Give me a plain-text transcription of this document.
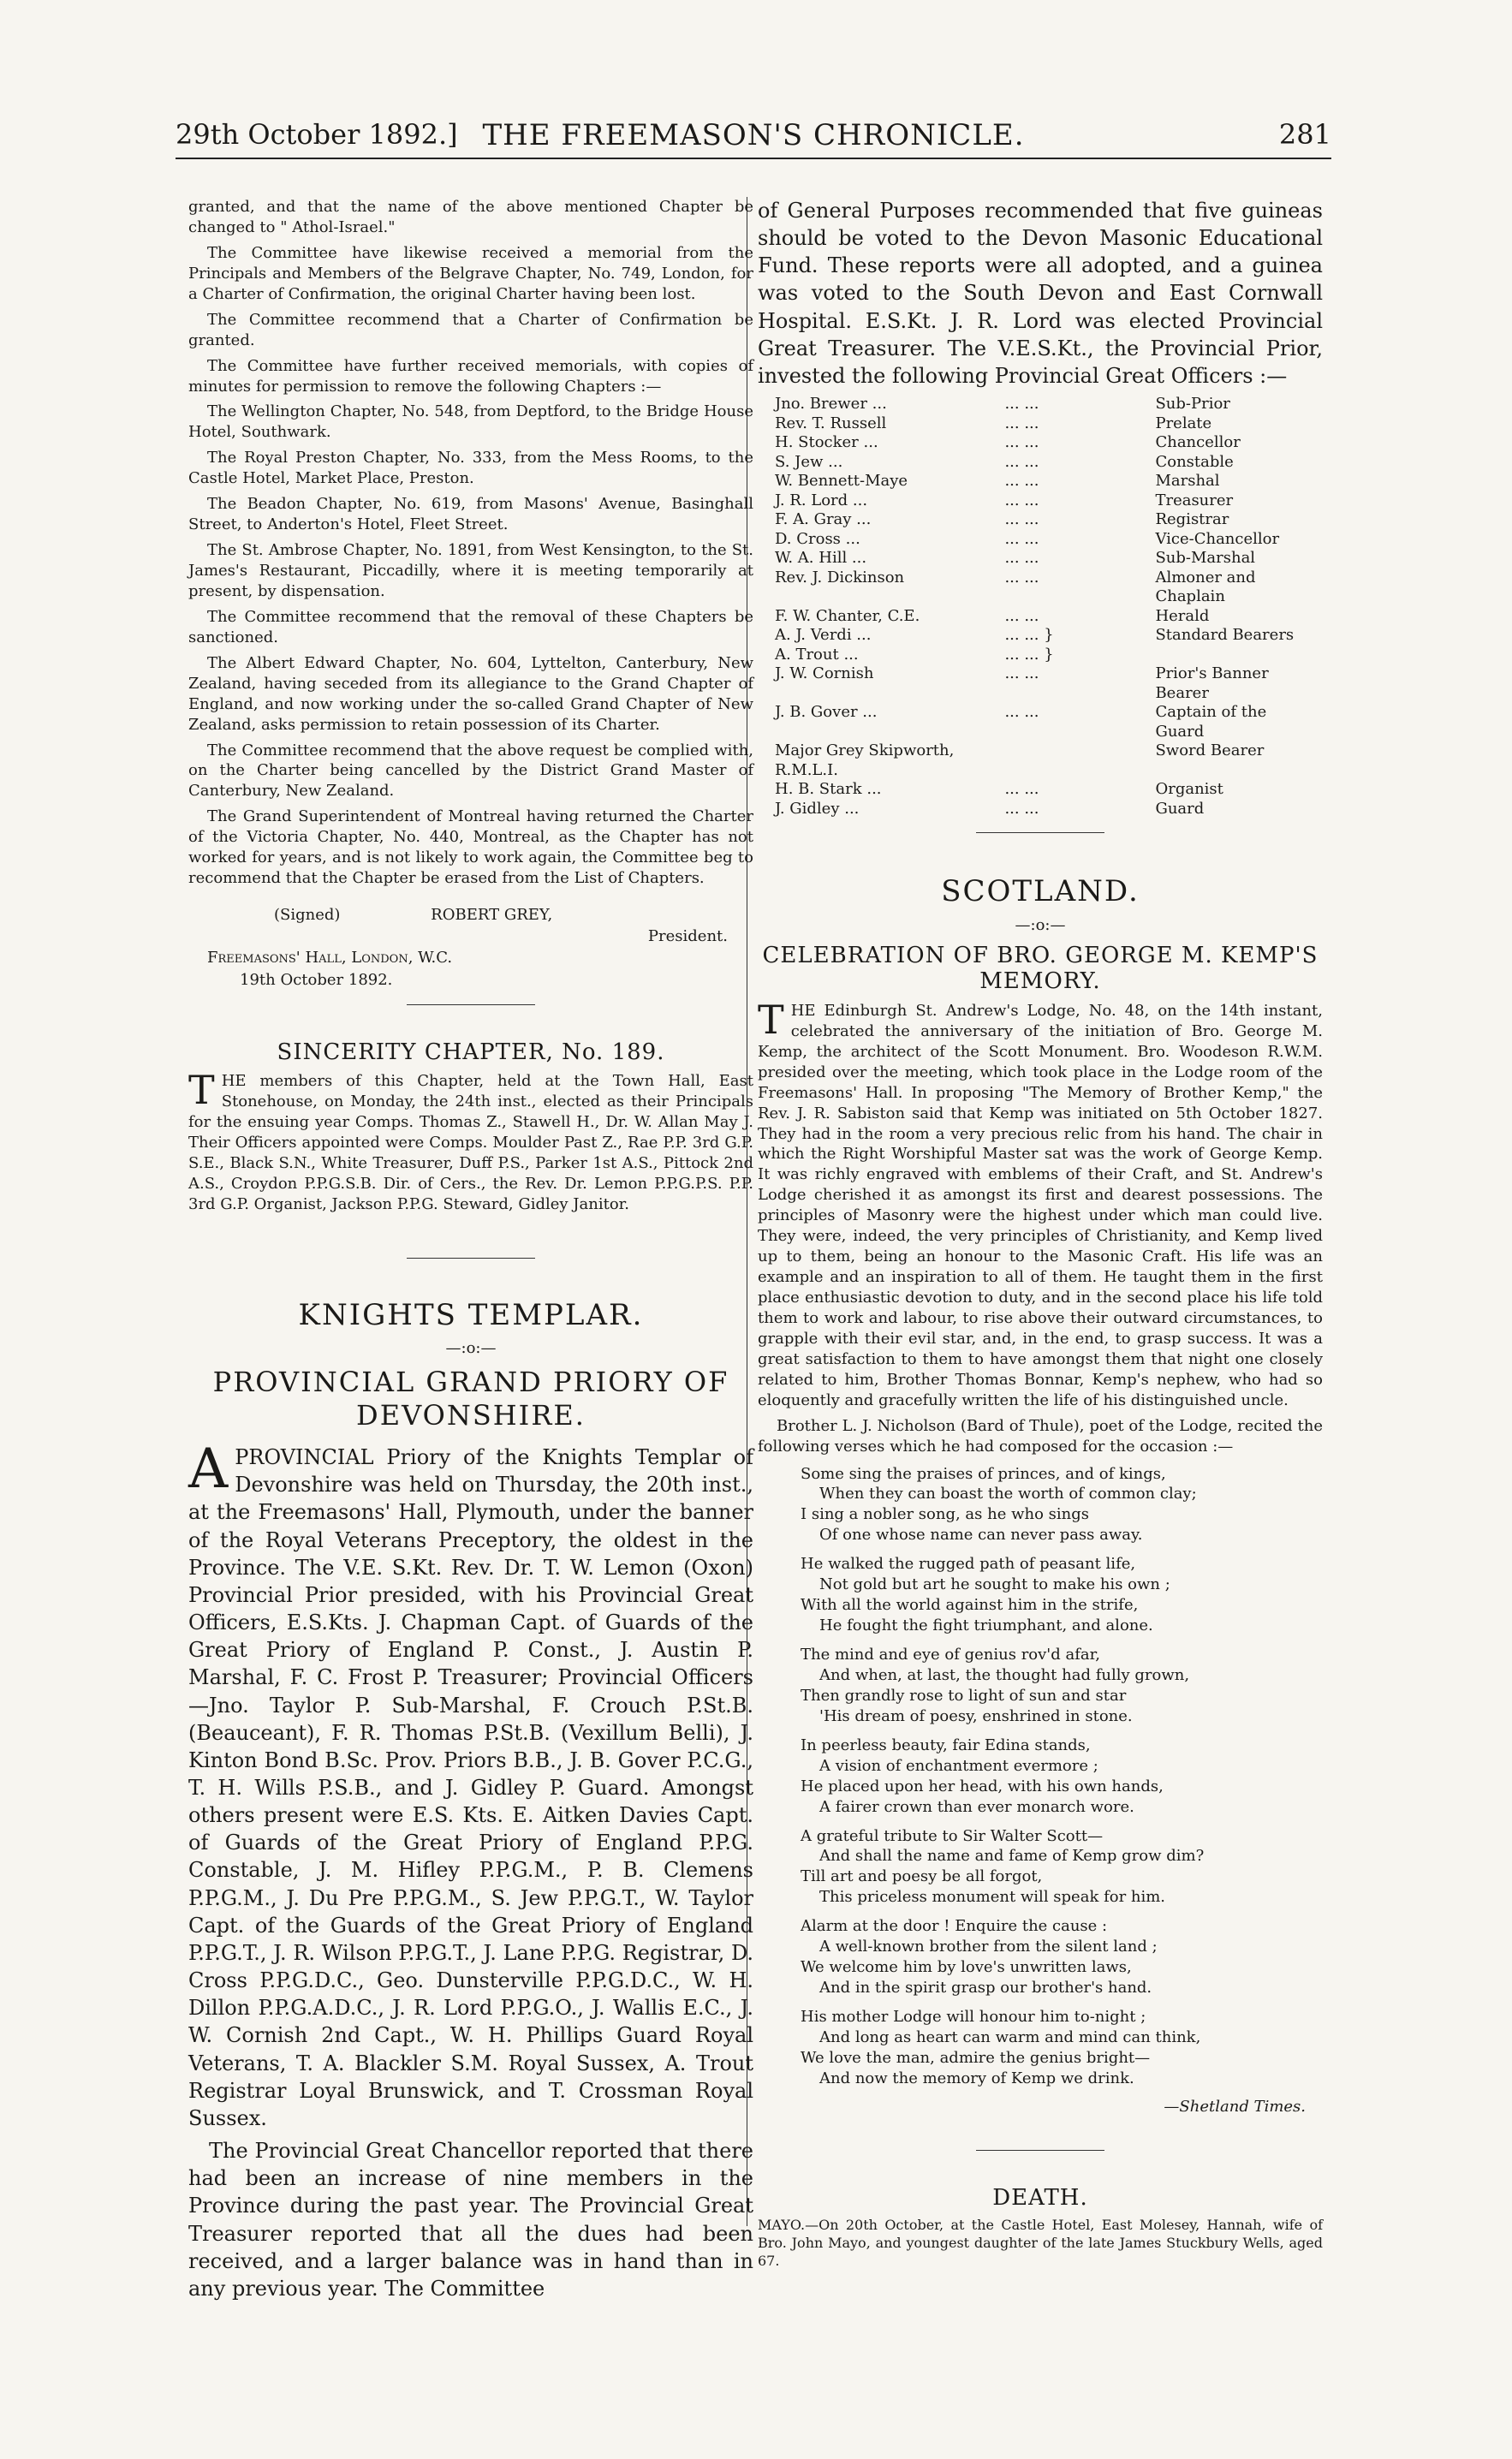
29th October 1892.] THE FREEMASON'S CHRONICLE.	281

granted, and that the name of the above mentioned Chapter be changed to " Athol-Israel."

The Committee have likewise received a memorial from the Principals and Members of the Belgrave Chapter, No. 749, London, for a Charter of Confirmation, the original Charter having been lost.

The Committee recommend that a Charter of Confirmation be granted.

The Committee have further received memorials, with copies of minutes for permission to remove the following Chapters :—

The Wellington Chapter, No. 548, from Deptford, to the Bridge House Hotel, Southwark.

The Royal Preston Chapter, No. 333, from the Mess Rooms, to the Castle Hotel, Market Place, Preston.

The Beadon Chapter, No. 619, from Masons' Avenue, Basinghall Street, to Anderton's Hotel, Fleet Street.

The St. Ambrose Chapter, No. 1891, from West Kensington, to the St. James's Restaurant, Piccadilly, where it is meeting temporarily at present, by dispensation.

The Committee recommend that the removal of these Chapters be sanctioned.

The Albert Edward Chapter, No. 604, Lyttelton, Canterbury, New Zealand, having seceded from its allegiance to the Grand Chapter of England, and now working under the so-called Grand Chapter of New Zealand, asks permission to retain possession of its Charter.

The Committee recommend that the above request be complied with, on the Charter being cancelled by the District Grand Master of Canterbury, New Zealand.

The Grand Superintendent of Montreal having returned the Charter of the Victoria Chapter, No. 440, Montreal, as the Chapter has not worked for years, and is not likely to work again, the Committee beg to recommend that the Chapter be erased from the List of Chapters.

(Signed)	ROBERT GREY,
President.
Freemasons' Hall, London, W.C.
19th October 1892.

SINCERITY CHAPTER, No. 189.

THE members of this Chapter, held at the Town Hall, East Stonehouse, on Monday, the 24th inst., elected as their Principals for the ensuing year Comps. Thomas Z., Stawell H., Dr. W. Allan May J. Their Officers appointed were Comps. Moulder Past Z., Rae P.P. 3rd G.P. S.E., Black S.N., White Treasurer, Duff P.S., Parker 1st A.S., Pittock 2nd A.S., Croydon P.P.G.S.B. Dir. of Cers., the Rev. Dr. Lemon P.P.G.P.S. P.P. 3rd G.P. Organist, Jackson P.P.G. Steward, Gidley Janitor.

KNIGHTS TEMPLAR.
—:o:—
PROVINCIAL GRAND PRIORY OF DEVONSHIRE.

APROVINCIAL Priory of the Knights Templar of Devonshire was held on Thursday, the 20th inst., at the Freemasons' Hall, Plymouth, under the banner of the Royal Veterans Preceptory, the oldest in the Province. The V.E. S.Kt. Rev. Dr. T. W. Lemon (Oxon) Provincial Prior presided, with his Provincial Great Officers, E.S.Kts. J. Chapman Capt. of Guards of the Great Priory of England P. Const., J. Austin P. Marshal, F. C. Frost P. Treasurer; Provincial Officers—Jno. Taylor P. Sub-Marshal, F. Crouch P.St.B. (Beauceant), F. R. Thomas P.St.B. (Vexillum Belli), J. Kinton Bond B.Sc. Prov. Priors B.B., J. B. Gover P.C.G., T. H. Wills P.S.B., and J. Gidley P. Guard. Amongst others present were E.S. Kts. E. Aitken Davies Capt. of Guards of the Great Priory of England P.P.G. Constable, J. M. Hifley P.P.G.M., P. B. Clemens P.P.G.M., J. Du Pre P.P.G.M., S. Jew P.P.G.T., W. Taylor Capt. of the Guards of the Great Priory of England P.P.G.T., J. R. Wilson P.P.G.T., J. Lane P.P.G. Registrar, D. Cross P.P.G.D.C., Geo. Dunsterville P.P.G.D.C., W. H. Dillon P.P.G.A.D.C., J. R. Lord P.P.G.O., J. Wallis E.C., J. W. Cornish 2nd Capt., W. H. Phillips Guard Royal Veterans, T. A. Blackler S.M. Royal Sussex, A. Trout Registrar Loyal Brunswick, and T. Crossman Royal Sussex.

The Provincial Great Chancellor reported that there had been an increase of nine members in the Province during the past year. The Provincial Great Treasurer reported that all the dues had been received, and a larger balance was in hand than in any previous year. The Committee

of General Purposes recommended that five guineas should be voted to the Devon Masonic Educational Fund. These reports were all adopted, and a guinea was voted to the South Devon and East Cornwall Hospital. E.S.Kt. J. R. Lord was elected Provincial Great Treasurer. The V.E.S.Kt., the Provincial Prior, invested the following Provincial Great Officers :—

Jno. Brewer ...	... ...	Sub-Prior
Rev. T. Russell	... ...	Prelate
H. Stocker ...	... ...	Chancellor
S. Jew ...	... ...	Constable
W. Bennett-Maye	... ...	Marshal
J. R. Lord ...	... ...	Treasurer
F. A. Gray ...	... ...	Registrar
D. Cross ...	... ...	Vice-Chancellor
W. A. Hill ...	... ...	Sub-Marshal
Rev. J. Dickinson	... ...	Almoner and Chaplain
F. W. Chanter, C.E.	... ...	Herald
A. J. Verdi ...	... ... }	Standard Bearers
A. Trout ...	... ... }	
J. W. Cornish	... ...	Prior's Banner Bearer
J. B. Gover ...	... ...	Captain of the Guard
Major Grey Skipworth, R.M.L.I.		Sword Bearer
H. B. Stark ...	... ...	Organist
J. Gidley ...	... ...	Guard
SCOTLAND.
—:o:—
CELEBRATION OF BRO. GEORGE M. KEMP'S MEMORY.

THE Edinburgh St. Andrew's Lodge, No. 48, on the 14th instant, celebrated the anniversary of the initiation of Bro. George M. Kemp, the architect of the Scott Monument. Bro. Woodeson R.W.M. presided over the meeting, which took place in the Lodge room of the Freemasons' Hall. In proposing "The Memory of Brother Kemp," the Rev. J. R. Sabiston said that Kemp was initiated on 5th October 1827. They had in the room a very precious relic from his hand. The chair in which the Right Worshipful Master sat was the work of George Kemp. It was richly engraved with emblems of their Craft, and St. Andrew's Lodge cherished it as amongst its first and dearest possessions. The principles of Masonry were the highest under which man could live. They were, indeed, the very principles of Christianity, and Kemp lived up to them, being an honour to the Masonic Craft. His life was an example and an inspiration to all of them. He taught them in the first place enthusiastic devotion to duty, and in the second place his life told them to work and labour, to rise above their outward circumstances, to grapple with their evil star, and, in the end, to grasp success. It was a great satisfaction to them to have amongst them that night one closely related to him, Brother Thomas Bonnar, Kemp's nephew, who had so eloquently and gracefully written the life of his distinguished uncle.

Brother L. J. Nicholson (Bard of Thule), poet of the Lodge, recited the following verses which he had composed for the occasion :—

Some sing the praises of princes, and of kings,
When they can boast the worth of common clay;
I sing a nobler song, as he who sings
Of one whose name can never pass away.
He walked the rugged path of peasant life,
Not gold but art he sought to make his own ;
With all the world against him in the strife,
He fought the fight triumphant, and alone.
The mind and eye of genius rov'd afar,
And when, at last, the thought had fully grown,
Then grandly rose to light of sun and star
'His dream of poesy, enshrined in stone.
In peerless beauty, fair Edina stands,
A vision of enchantment evermore ;
He placed upon her head, with his own hands,
A fairer crown than ever monarch wore.
A grateful tribute to Sir Walter Scott—
And shall the name and fame of Kemp grow dim?
Till art and poesy be all forgot,
This priceless monument will speak for him.
Alarm at the door ! Enquire the cause :
A well-known brother from the silent land ;
We welcome him by love's unwritten laws,
And in the spirit grasp our brother's hand.
His mother Lodge will honour him to-night ;
And long as heart can warm and mind can think,
We love the man, admire the genius bright—
And now the memory of Kemp we drink.
—Shetland Times.
DEATH.

MAYO.—On 20th October, at the Castle Hotel, East Molesey, Hannah, wife of Bro. John Mayo, and youngest daughter of the late James Stuckbury Wells, aged 67.
